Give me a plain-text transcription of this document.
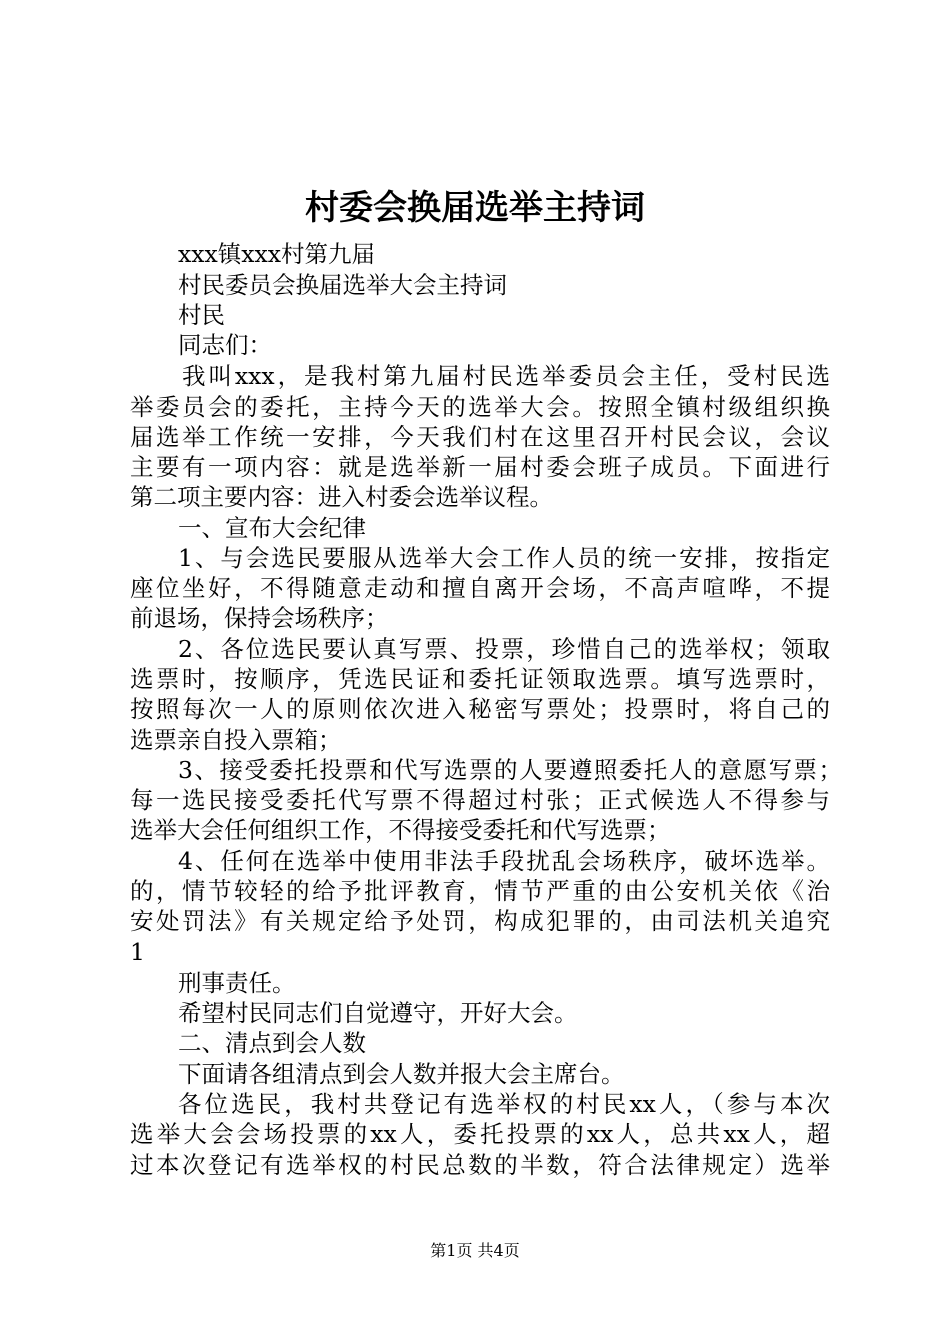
村委会换届选举主持词
xxx镇xxx村第九届
村民委员会换届选举大会主持词
村民
同志们：
我叫xxx，是我村第九届村民选举委员会主任，受村民选
举委员会的委托，主持今天的选举大会。按照全镇村级组织换
届选举工作统一安排，今天我们村在这里召开村民会议，会议
主要有一项内容：就是选举新一届村委会班子成员。下面进行
第二项主要内容：进入村委会选举议程。
一、宣布大会纪律
1、与会选民要服从选举大会工作人员的统一安排，按指定
座位坐好，不得随意走动和擅自离开会场，不高声喧哗，不提
前退场，保持会场秩序；
2、各位选民要认真写票、投票，珍惜自己的选举权；领取
选票时，按顺序，凭选民证和委托证领取选票。填写选票时，
按照每次一人的原则依次进入秘密写票处；投票时，将自己的
选票亲自投入票箱；
3、接受委托投票和代写选票的人要遵照委托人的意愿写票；
每一选民接受委托代写票不得超过村张；正式候选人不得参与
选举大会任何组织工作，不得接受委托和代写选票；
4、任何在选举中使用非法手段扰乱会场秩序，破坏选举。
的，情节较轻的给予批评教育，情节严重的由公安机关依《治
安处罚法》有关规定给予处罚，构成犯罪的，由司法机关追究
1
刑事责任。
希望村民同志们自觉遵守，开好大会。
二、清点到会人数
下面请各组清点到会人数并报大会主席台。
各位选民，我村共登记有选举权的村民xx人，（参与本次
选举大会会场投票的xx人，委托投票的xx人，总共xx人，超
过本次登记有选举权的村民总数的半数，符合法律规定）选举
第1页 共4页
